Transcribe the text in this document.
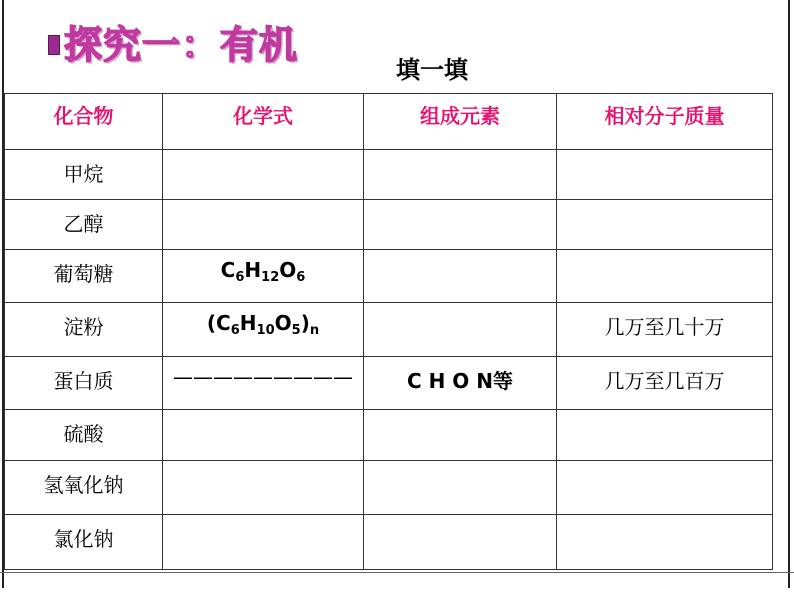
探究一：有机
填一填
化合物	化学式	组成元素	相对分子质量
甲烷			
乙醇			
葡萄糖	$C_6H_{12}O_6$		
淀粉	$(C_6H_{10}O_5)_n$		几万至几十万
蛋白质	—————————	C H O N等	几万至几百万
硫酸			
氢氧化钠			
氯化钠			
